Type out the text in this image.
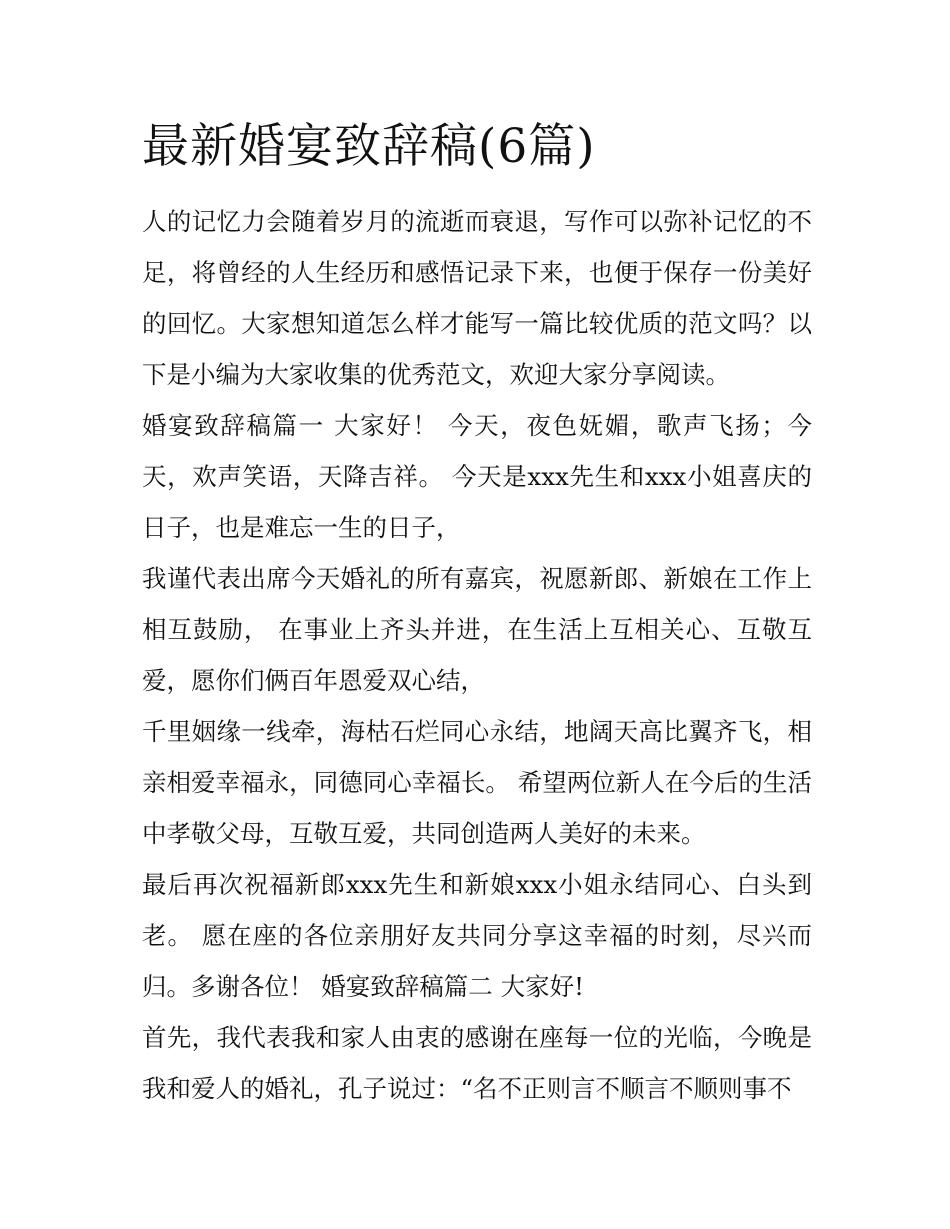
最新婚宴致辞稿(6篇)

人的记忆力会随着岁月的流逝而衰退，写作可以弥补记忆的不足，将曾经的人生经历和感悟记录下来，也便于保存一份美好的回忆。大家想知道怎么样才能写一篇比较优质的范文吗？以下是小编为大家收集的优秀范文，欢迎大家分享阅读。

婚宴致辞稿篇一 大家好！ 今天，夜色妩媚，歌声飞扬；今天，欢声笑语，天降吉祥。 今天是xxx先生和xxx小姐喜庆的日子，也是难忘一生的日子，

我谨代表出席今天婚礼的所有嘉宾，祝愿新郎、新娘在工作上相互鼓励， 在事业上齐头并进，在生活上互相关心、互敬互爱，愿你们俩百年恩爱双心结，

千里姻缘一线牵，海枯石烂同心永结，地阔天高比翼齐飞，相亲相爱幸福永，同德同心幸福长。 希望两位新人在今后的生活中孝敬父母，互敬互爱，共同创造两人美好的未来。

最后再次祝福新郎xxx先生和新娘xxx小姐永结同心、白头到老。 愿在座的各位亲朋好友共同分享这幸福的时刻，尽兴而归。多谢各位！ 婚宴致辞稿篇二 大家好!

首先，我代表我和家人由衷的感谢在座每一位的光临，今晚是我和爱人的婚礼，孔子说过：“名不正则言不顺言不顺则事不
